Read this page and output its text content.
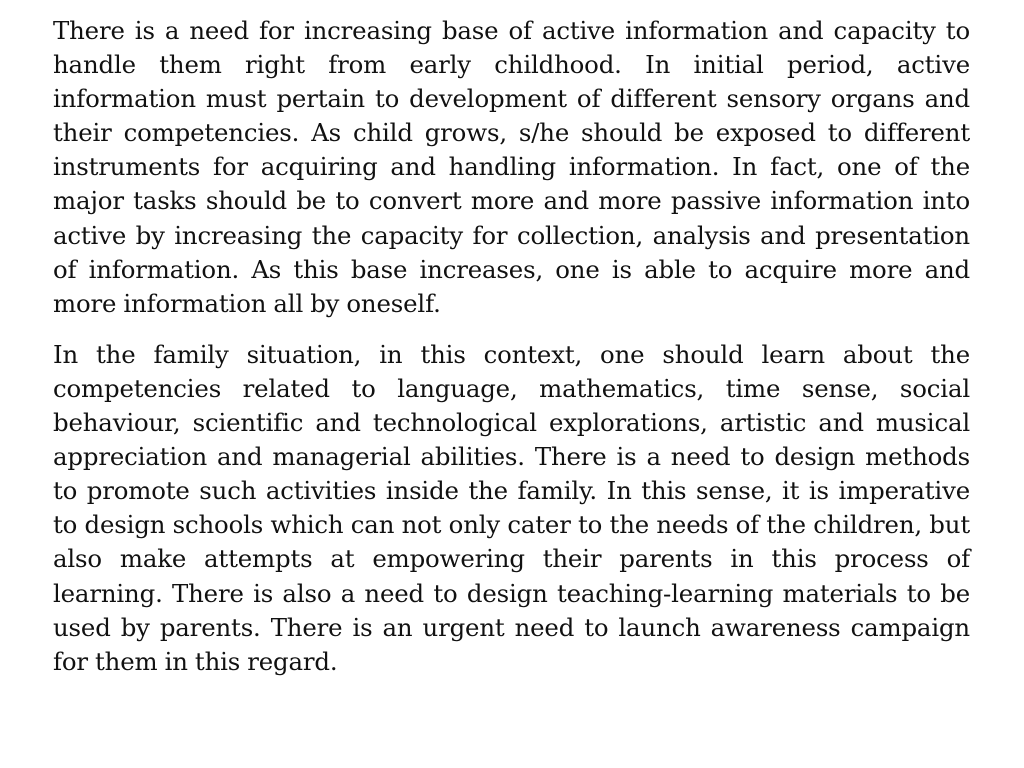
There is a need for increasing base of active information and capacity to handle them right from early childhood. In initial period, active information must pertain to development of different sensory organs and their competencies. As child grows, s/he should be exposed to different instruments for acquiring and handling information. In fact, one of the major tasks should be to convert more and more passive information into active by increasing the capacity for collection, analysis and presentation of information. As this base increases, one is able to acquire more and more information all by oneself.

In the family situation, in this context, one should learn about the competencies related to language, mathematics, time sense, social behaviour, scientific and technological explorations, artistic and musical appreciation and managerial abilities. There is a need to design methods to promote such activities inside the family. In this sense, it is imperative to design schools which can not only cater to the needs of the children, but also make attempts at empowering their parents in this process of learning. There is also a need to design teaching-learning materials to be used by parents. There is an urgent need to launch awareness campaign for them in this regard.
